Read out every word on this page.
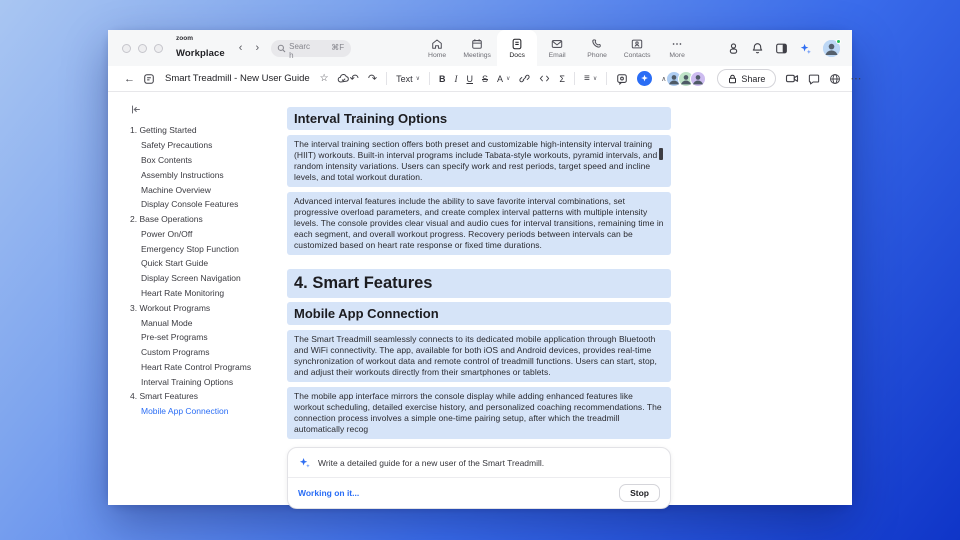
zoom
Workplace ‹ ›	Search
⌘F
Home	Meetings	Docs	Email	Phone Contacts	More
←	Smart Treadmill - New User Guide ☆ ↶ ↷ Text ∨ B I U S A ∨	Σ ≡ ∨	∧	Share	⋯
1. Getting Started
Safety Precautions
Box Contents
Assembly Instructions
Machine Overview
Display Console Features
2. Base Operations
Power On/Off
Emergency Stop Function
Quick Start Guide
Display Screen Navigation
Heart Rate Monitoring
3. Workout Programs
Manual Mode
Pre-set Programs
Custom Programs
Heart Rate Control Programs
Interval Training Options
4. Smart Features
Mobile App Connection
Interval Training Options
The interval training section offers both preset and customizable high-intensity interval training (HIIT) workouts. Built-in interval programs include Tabata-style workouts, pyramid intervals, and random intensity variations. Users can specify work and rest periods, target speed and incline levels, and total workout duration.
Advanced interval features include the ability to save favorite interval combinations, set progressive overload parameters, and create complex interval patterns with multiple intensity levels. The console provides clear visual and audio cues for interval transitions, remaining time in each segment, and overall workout progress. Recovery periods between intervals can be customized based on heart rate response or fixed time durations.
4. Smart Features
Mobile App Connection
The Smart Treadmill seamlessly connects to its dedicated mobile application through Bluetooth and WiFi connectivity. The app, available for both iOS and Android devices, provides real-time synchronization of workout data and remote control of treadmill functions. Users can start, stop, and adjust their workouts directly from their smartphones or tablets.
The mobile app interface mirrors the console display while adding enhanced features like workout scheduling, detailed exercise history, and personalized coaching recommendations. The connection process involves a simple one-time pairing setup, after which the treadmill automatically recog
Write a detailed guide for a new user of the Smart Treadmill.
Working on it...	Stop
